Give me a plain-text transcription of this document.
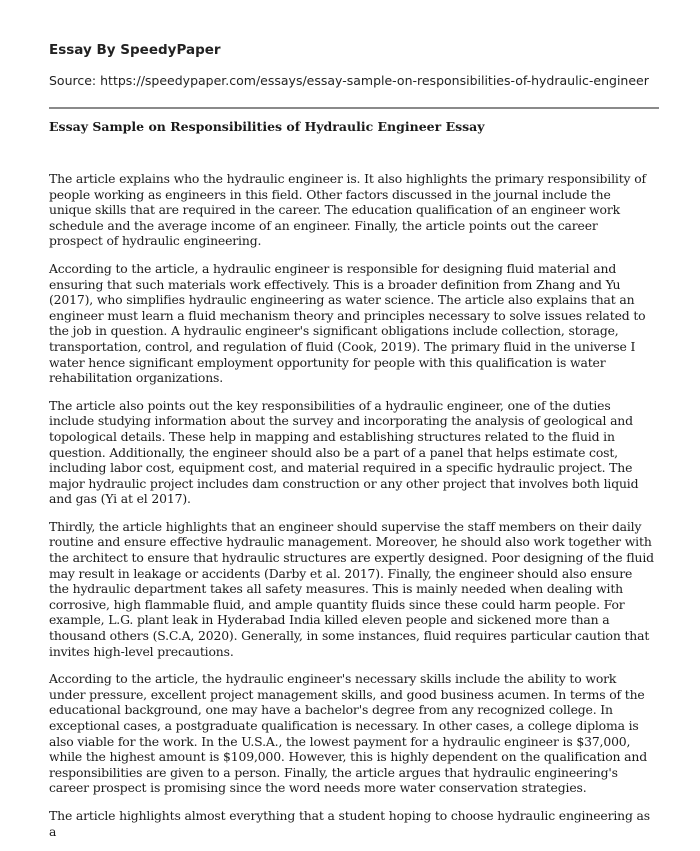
Essay By SpeedyPaper
Source: https://speedypaper.com/essays/essay-sample-on-responsibilities-of-hydraulic-engineer
Essay Sample on Responsibilities of Hydraulic Engineer Essay

The article explains who the hydraulic engineer is. It also highlights the primary responsibility of people working as engineers in this field. Other factors discussed in the journal include the unique skills that are required in the career. The education qualification of an engineer work schedule and the average income of an engineer. Finally, the article points out the career prospect of hydraulic engineering.

According to the article, a hydraulic engineer is responsible for designing fluid material and ensuring that such materials work effectively. This is a broader definition from Zhang and Yu (2017), who simplifies hydraulic engineering as water science. The article also explains that an engineer must learn a fluid mechanism theory and principles necessary to solve issues related to the job in question. A hydraulic engineer's significant obligations include collection, storage, transportation, control, and regulation of fluid (Cook, 2019). The primary fluid in the universe I water hence significant employment opportunity for people with this qualification is water rehabilitation organizations.

The article also points out the key responsibilities of a hydraulic engineer, one of the duties include studying information about the survey and incorporating the analysis of geological and topological details. These help in mapping and establishing structures related to the fluid in question. Additionally, the engineer should also be a part of a panel that helps estimate cost, including labor cost, equipment cost, and material required in a specific hydraulic project. The major hydraulic project includes dam construction or any other project that involves both liquid and gas (Yi at el 2017).

Thirdly, the article highlights that an engineer should supervise the staff members on their daily routine and ensure effective hydraulic management. Moreover, he should also work together with the architect to ensure that hydraulic structures are expertly designed. Poor designing of the fluid may result in leakage or accidents (Darby et al. 2017). Finally, the engineer should also ensure the hydraulic department takes all safety measures. This is mainly needed when dealing with corrosive, high flammable fluid, and ample quantity fluids since these could harm people. For example, L.G. plant leak in Hyderabad India killed eleven people and sickened more than a thousand others (S.C.A, 2020). Generally, in some instances, fluid requires particular caution that invites high-level precautions.

According to the article, the hydraulic engineer's necessary skills include the ability to work under pressure, excellent project management skills, and good business acumen. In terms of the educational background, one may have a bachelor's degree from any recognized college. In exceptional cases, a postgraduate qualification is necessary. In other cases, a college diploma is also viable for the work. In the U.S.A., the lowest payment for a hydraulic engineer is $37,000, while the highest amount is $109,000. However, this is highly dependent on the qualification and responsibilities are given to a person. Finally, the article argues that hydraulic engineering's career prospect is promising since the word needs more water conservation strategies.

The article highlights almost everything that a student hoping to choose hydraulic engineering as a
